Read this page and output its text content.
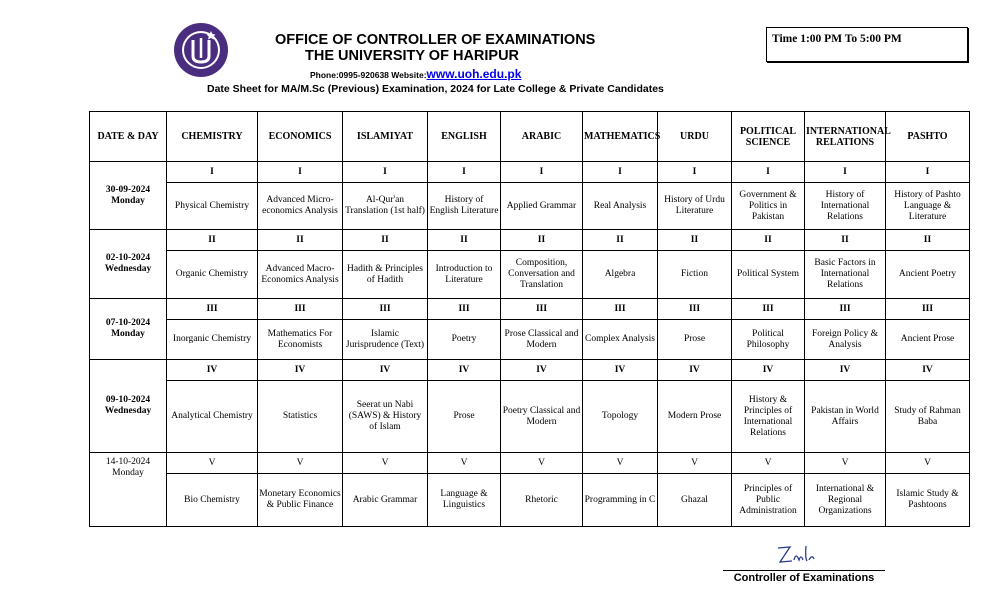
OFFICE OF CONTROLLER OF EXAMINATIONS
THE UNIVERSITY OF HARIPUR
Phone:0995-920638 Website:www.uoh.edu.pk
Date Sheet for MA/M.Sc (Previous) Examination, 2024 for Late College & Private Candidates
Time 1:00 PM To 5:00 PM
DATE & DAY	CHEMISTRY	ECONOMICS	ISLAMIYAT	ENGLISH	ARABIC	MATHEMATICS	URDU	POLITICAL SCIENCE	INTERNATIONAL RELATIONS	PASHTO

30-09-2024
Monday	I	I	I	I	I	I	I	I	I	I
	Physical Chemistry	Advanced Micro-economics Analysis	Al-Qur'an Translation (1st half)	History of English Literature	Applied Grammar	Real Analysis	History of Urdu Literature	Government & Politics in Pakistan	History of International Relations	History of Pashto Language & Literature

02-10-2024
Wednesday	II	II	II	II	II	II	II	II	II	II
	Organic Chemistry	Advanced Macro-Economics Analysis	Hadith & Principles of Hadith	Introduction to Literature	Composition, Conversation and Translation	Algebra	Fiction	Political System	Basic Factors in International Relations	Ancient Poetry

07-10-2024
Monday	III	III	III	III	III	III	III	III	III	III
	Inorganic Chemistry	Mathematics For Economists	Islamic Jurisprudence (Text)	Poetry	Prose Classical and Modern	Complex Analysis	Prose	Political Philosophy	Foreign Policy & Analysis	Ancient Prose

09-10-2024
Wednesday	IV	IV	IV	IV	IV	IV	IV	IV	IV	IV
	Analytical Chemistry	Statistics	Seerat un Nabi (SAWS) & History of Islam	Prose	Poetry Classical and Modern	Topology	Modern Prose	History & Principles of International Relations	Pakistan in World Affairs	Study of Rahman Baba

14-10-2024
Monday	V	V	V	V	V	V	V	V	V	V
	Bio Chemistry	Monetary Economics & Public Finance	Arabic Grammar	Language & Linguistics	Rhetoric	Programming in C	Ghazal	Principles of Public Administration	International & Regional Organizations	Islamic Study & Pashtoons
Controller of Examinations
